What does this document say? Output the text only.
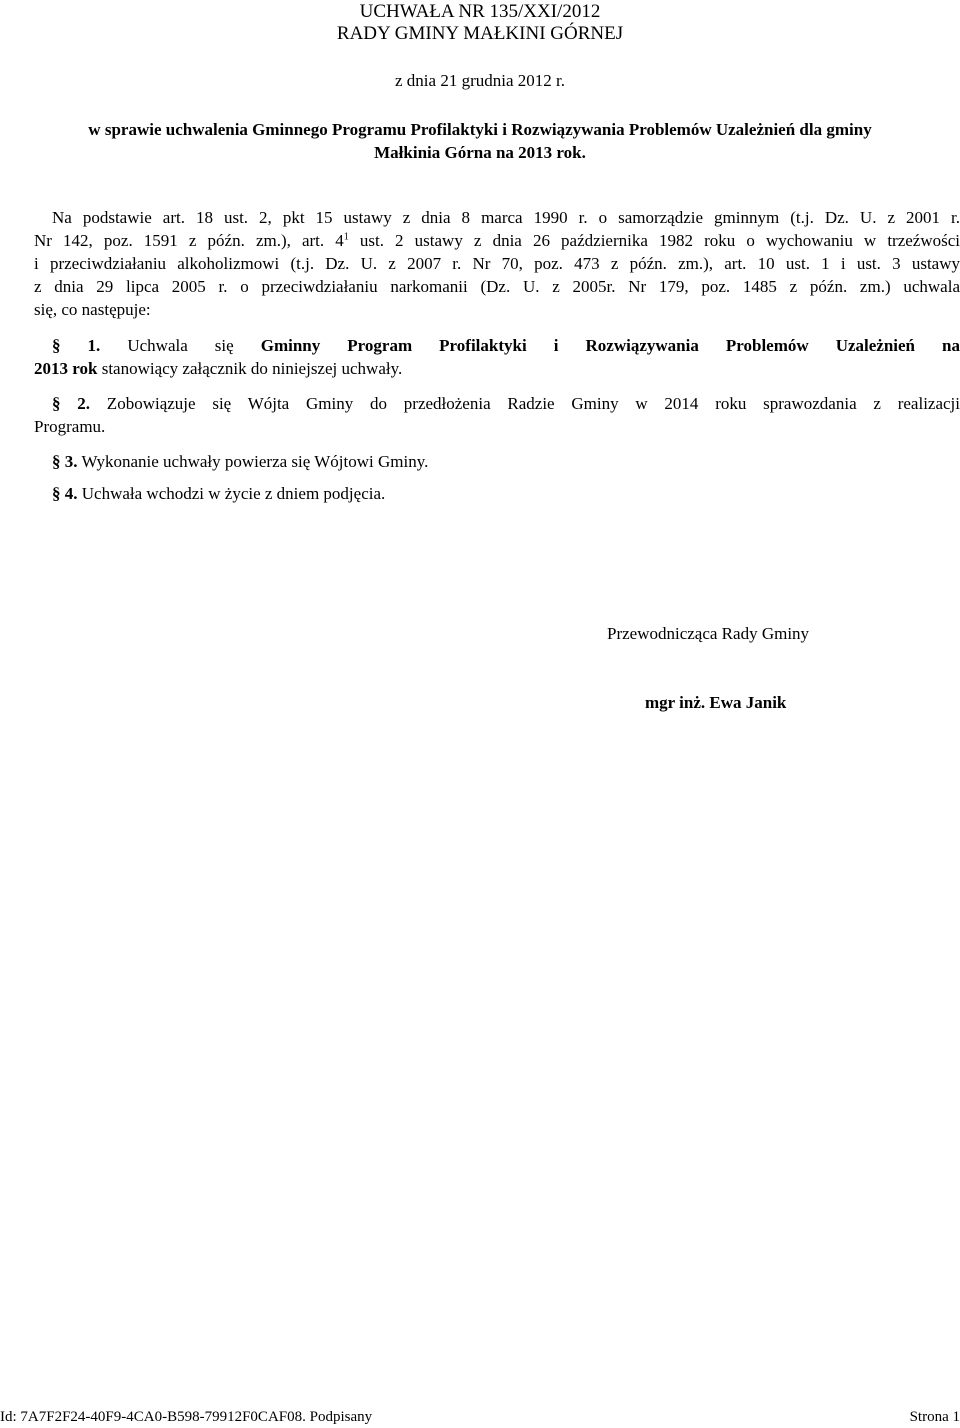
UCHWAŁA NR 135/XXI/2012
RADY GMINY MAŁKINI GÓRNEJ
z dnia 21 grudnia 2012 r.
w sprawie uchwalenia Gminnego Programu Profilaktyki i Rozwiązywania Problemów Uzależnień dla gminy
Małkinia Górna na 2013 rok.
Na podstawie art. 18 ust. 2, pkt 15 ustawy z dnia 8 marca 1990 r. o samorządzie gminnym (t.j. Dz. U. z 2001 r.
Nr 142, poz. 1591 z późn. zm.), art. $4^1$ ust. 2 ustawy z dnia 26 października 1982 roku o wychowaniu w trzeźwości
i przeciwdziałaniu alkoholizmowi (t.j. Dz. U. z 2007 r. Nr 70, poz. 473 z późn. zm.), art. 10 ust. 1 i ust. 3 ustawy
z dnia 29 lipca 2005 r. o przeciwdziałaniu narkomanii (Dz. U. z 2005r. Nr 179, poz. 1485 z późn. zm.) uchwala
się, co następuje:
§ 1. Uchwala się Gminny Program Profilaktyki i Rozwiązywania Problemów Uzależnień na
2013 rok stanowiący załącznik do niniejszej uchwały.
§ 2. Zobowiązuje się Wójta Gminy do przedłożenia Radzie Gminy w 2014 roku sprawozdania z realizacji
Programu.
§ 3. Wykonanie uchwały powierza się Wójtowi Gminy.
§ 4. Uchwała wchodzi w życie z dniem podjęcia.
Przewodnicząca Rady Gminy
mgr inż. Ewa Janik
Id: 7A7F2F24-40F9-4CA0-B598-79912F0CAF08. Podpisany	Strona 1
